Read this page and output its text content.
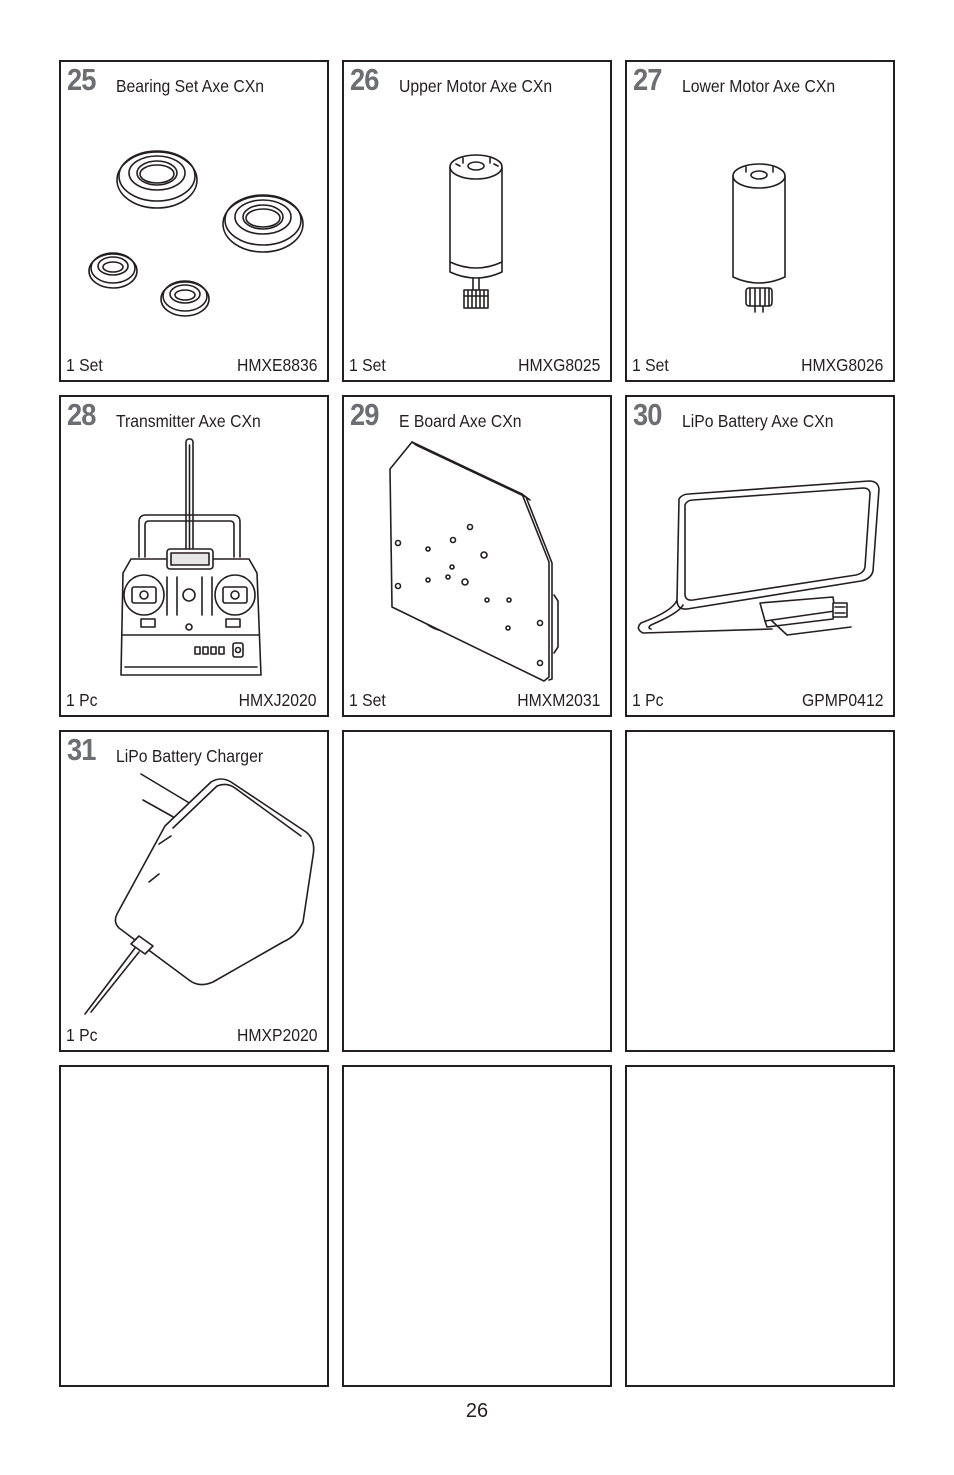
25 Bearing Set Axe CXn
1 Set	HMXE8836
26 Upper Motor Axe CXn
1 Set	HMXG8025
27 Lower Motor Axe CXn
1 Set	HMXG8026
28 Transmitter Axe CXn
1 Pc	HMXJ2020
29 E Board Axe CXn
1 Set	HMXM2031
30 LiPo Battery Axe CXn
1 Pc	GPMP0412
31 LiPo Battery Charger
1 Pc	HMXP2020
26
